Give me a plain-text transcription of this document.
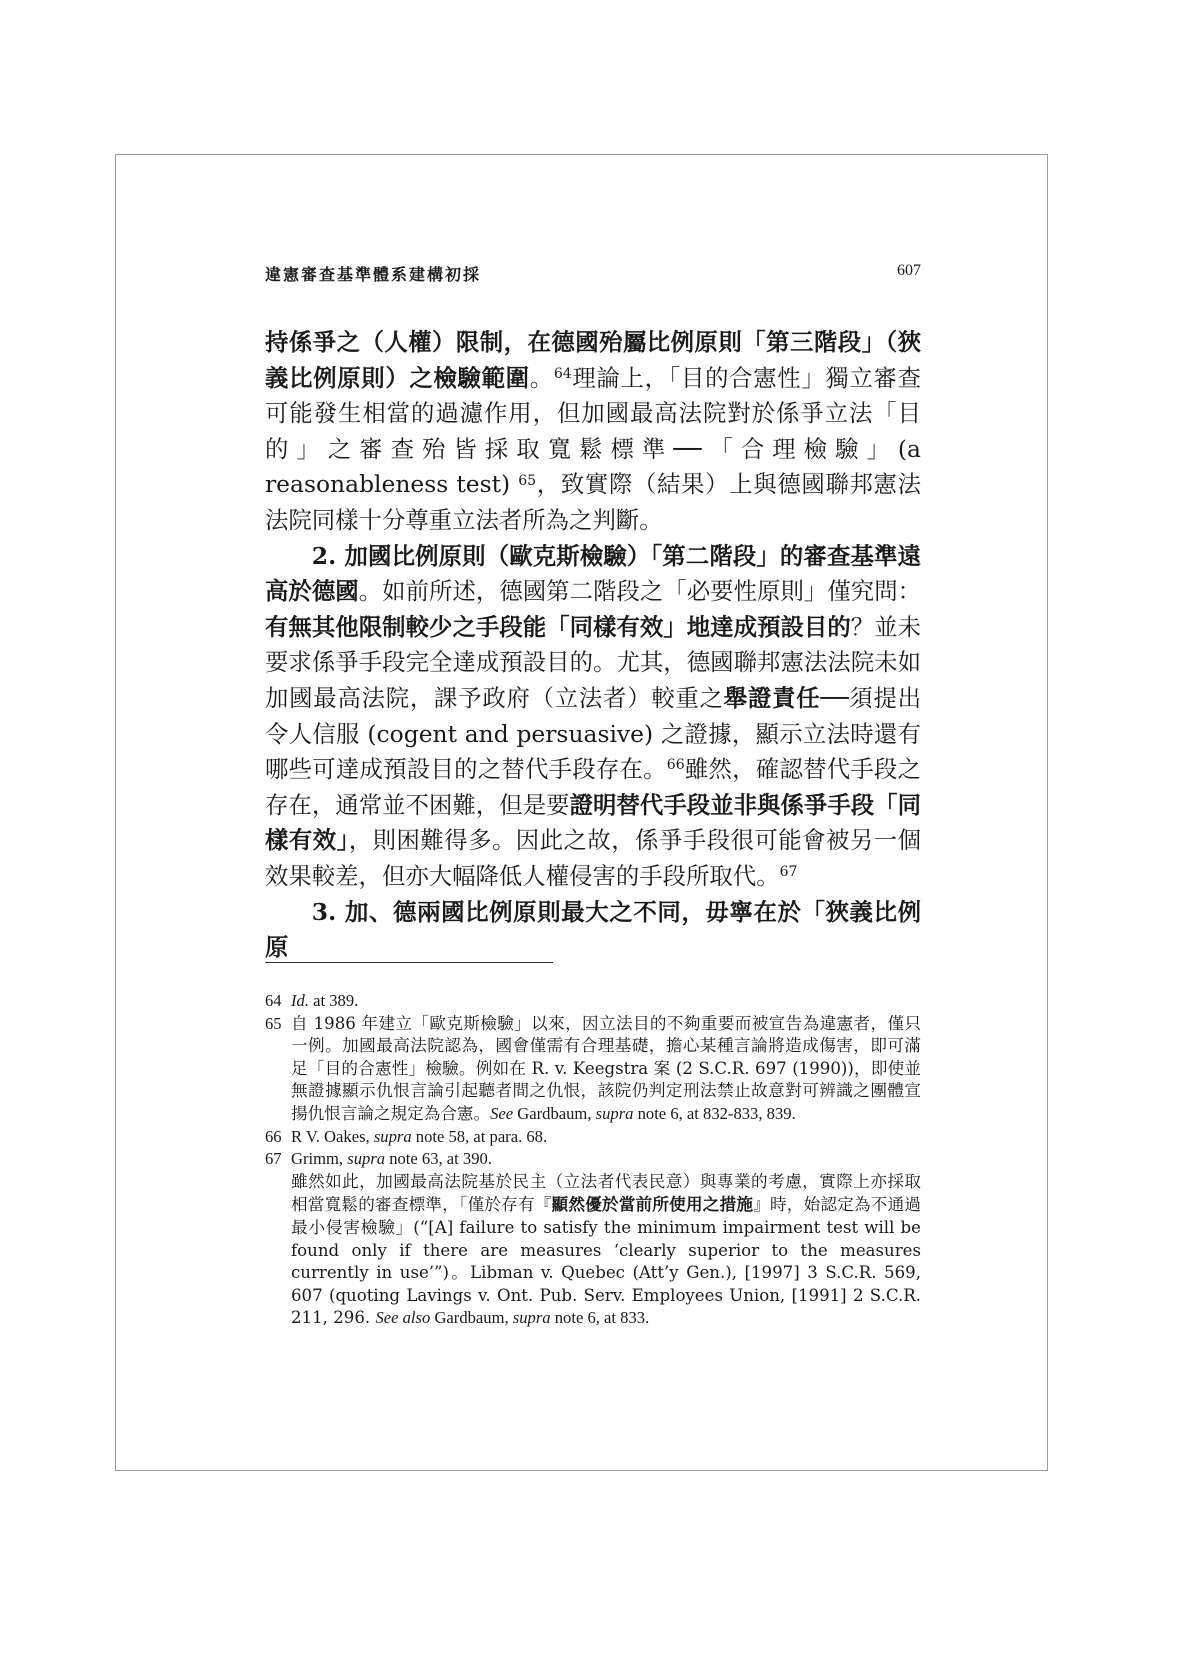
違憲審查基準體系建構初採	607

持係爭之（人權）限制，在德國殆屬比例原則「第三階段」（狹義比例原則）之檢驗範圍。$^{64}$理論上，「目的合憲性」獨立審查可能發生相當的過濾作用，但加國最高法院對於係爭立法「目的」之審查殆皆採取寬鬆標準──「合理檢驗」(a reasonableness test) $^{65}$，致實際（結果）上與德國聯邦憲法法院同樣十分尊重立法者所為之判斷。

2. 加國比例原則（歐克斯檢驗）「第二階段」的審查基準遠高於德國。如前所述，德國第二階段之「必要性原則」僅究問：有無其他限制較少之手段能「同樣有效」地達成預設目的？並未要求係爭手段完全達成預設目的。尤其，德國聯邦憲法法院未如加國最高法院，課予政府（立法者）較重之舉證責任──須提出令人信服 (cogent and persuasive) 之證據，顯示立法時還有哪些可達成預設目的之替代手段存在。$^{66}$雖然，確認替代手段之存在，通常並不困難，但是要證明替代手段並非與係爭手段「同樣有效」，則困難得多。因此之故，係爭手段很可能會被另一個效果較差，但亦大幅降低人權侵害的手段所取代。$^{67}$

3. 加、德兩國比例原則最大之不同，毋寧在於「狹義比例原

64 Id. at 389.
65 自 1986 年建立「歐克斯檢驗」以來，因立法目的不夠重要而被宣告為違憲者，僅只一例。加國最高法院認為，國會僅需有合理基礎，擔心某種言論將造成傷害，即可滿足「目的合憲性」檢驗。例如在 R. v. Keegstra 案 (2 S.C.R. 697 (1990))，即使並無證據顯示仇恨言論引起聽者間之仇恨，該院仍判定刑法禁止故意對可辨識之團體宣揚仇恨言論之規定為合憲。See Gardbaum, supra note 6, at 832-833, 839.
66 R V. Oakes, supra note 58, at para. 68.
67 Grimm, supra note 63, at 390.
雖然如此，加國最高法院基於民主（立法者代表民意）與專業的考慮，實際上亦採取相當寬鬆的審查標準，「僅於存有『顯然優於當前所使用之措施』時，始認定為不通過最小侵害檢驗」(“[A] failure to satisfy the minimum impairment test will be found only if there are measures ‘clearly superior to the measures currently in use’”)。Libman v. Quebec (Att’y Gen.), [1997] 3 S.C.R. 569, 607 (quoting Lavings v. Ont. Pub. Serv. Employees Union, [1991] 2 S.C.R. 211, 296. See also Gardbaum, supra note 6, at 833.
